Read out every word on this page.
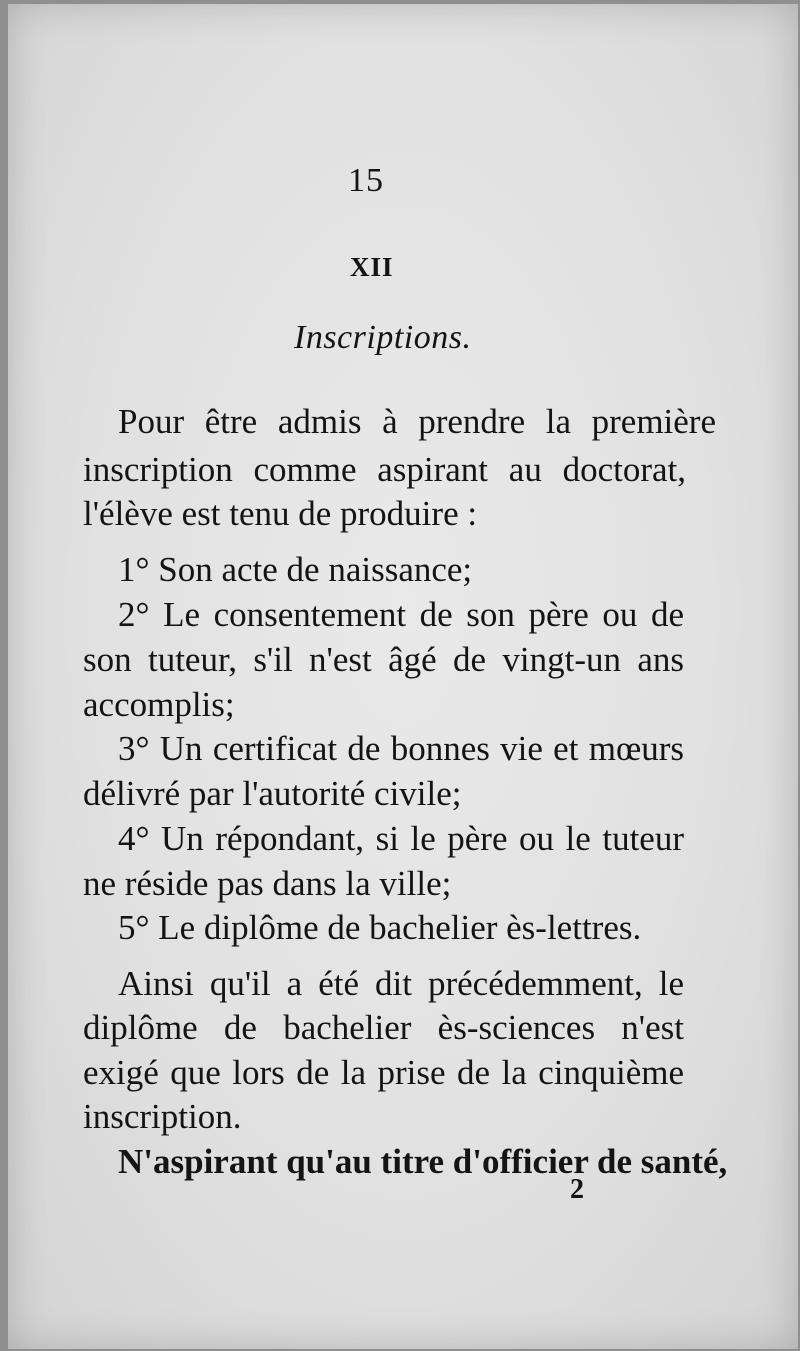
15
XII
Inscriptions.
Pour être admis à prendre la première
inscription comme aspirant au doctorat,
l'élève est tenu de produire :
1° Son acte de naissance;
2° Le consentement de son père ou de
son tuteur, s'il n'est âgé de vingt-un ans
accomplis;
3° Un certificat de bonnes vie et mœurs
délivré par l'autorité civile;
4° Un répondant, si le père ou le tuteur
ne réside pas dans la ville;
5° Le diplôme de bachelier ès-lettres.
Ainsi qu'il a été dit précédemment, le
diplôme de bachelier ès-sciences n'est
exigé que lors de la prise de la cinquième
inscription.
N'aspirant qu'au titre d'officier de santé,
2
